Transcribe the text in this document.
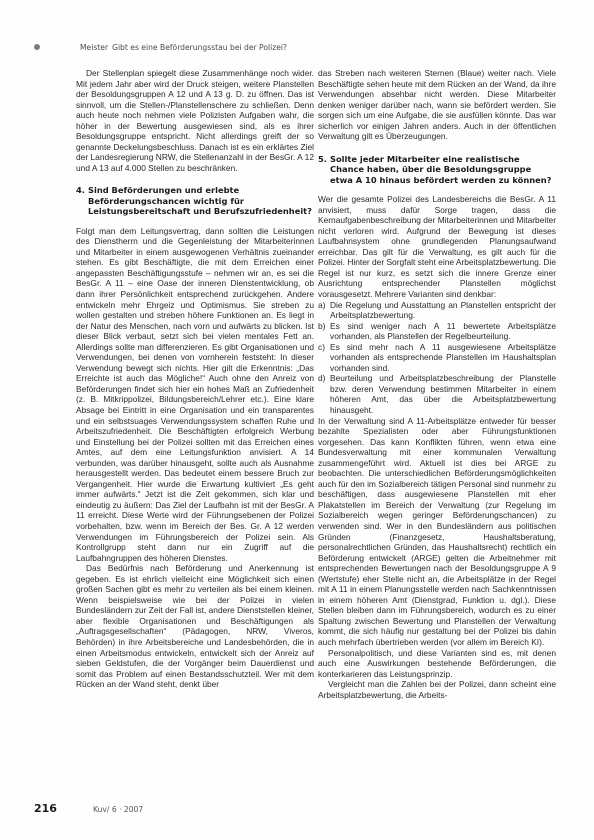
Meister Gibt es eine Beförderungsstau bei der Polizei?

Der Stellenplan spiegelt diese Zusammenhänge noch wider. Mit jedem Jahr aber wird der Druck steigen, weitere Planstellen der Besoldungsgruppen A 12 und A 13 g. D. zu öffnen. Das ist sinnvoll, um die Stellen-/Planstellenschere zu schließen. Denn auch heute noch nehmen viele Polizisten Aufgaben wahr, die höher in der Bewertung ausgewiesen sind, als es ihrer Besoldungsgruppe entspricht. Nicht allerdings greift der so genannte Deckelungsbeschluss. Danach ist es ein erklärtes Ziel der Landesregierung NRW, die Stellenanzahl in der BesGr. A 12 und A 13 auf 4.000 Stellen zu beschränken.

4. Sind Beförderungen und erlebte Beförderungschancen wichtig für Leistungsbereitschaft und Berufszufriedenheit?

Folgt man dem Leitungsvertrag, dann sollten die Leistungen des Dienstherrn und die Gegenleistung der Mitarbeiterinnen und Mitarbeiter in einem ausgewogenen Verhältnis zueinander stehen. Es gibt Beschäftigte, die mit dem Erreichen einer angepassten Beschäftigungsstufe – nehmen wir an, es sei die BesGr. A 11 – eine Oase der inneren Dienstentwicklung, ob dann ihrer Persönlichkeit entsprechend zurückgehen. Andere entwickeln mehr Ehrgeiz und Optimismus. Sie streben zu wollen gestalten und streben höhere Funktionen an. Es liegt in der Natur des Menschen, nach vorn und aufwärts zu blicken. Ist dieser Blick verbaut, setzt sich bei vielen mentales Fett an. Allerdings sollte man differenzieren. Es gibt Organisationen und Verwendungen, bei denen von vornherein feststeht: In dieser Verwendung bewegt sich nichts. Hier gilt die Erkenntnis: „Das Erreichte ist auch das Mögliche!“ Auch ohne den Anreiz von Beförderungen findet sich hier ein hohes Maß an Zufriedenheit (z. B. Mitkrippolizei, Bildungsbereich/Lehrer etc.). Eine klare Absage bei Eintritt in eine Organisation und ein transparentes und ein selbstsuages Verwendungssystem schaffen Ruhe und Arbeitszufriedenheit. Die Beschäftigten erfolgreich Werbung und Einstellung bei der Polizei sollten mit das Erreichen eines Amtes, auf dem eine Leitungsfunktion anvisiert. A 14 verbunden, was darüber hinausgeht, sollte auch als Ausnahme herausgestellt werden. Das bedeutet einem bessere Bruch zur Vergangenheit. Hier wurde die Erwartung kultiviert „Es geht immer aufwärts.“ Jetzt ist die Zeit gekommen, sich klar und eindeutig zu äußern: Das Ziel der Laufbahn ist mit der BesGr. A 11 erreicht. Diese Werte wird der Führungsebenen der Polizei vorbehalten, bzw. wenn im Bereich der Bes. Gr. A 12 werden Verwendungen im Führungsbereich der Polizei sein. Als Kontrollgrupp steht dann nur ein Zugriff auf die Laufbahngruppen des höheren Dienstes.

Das Bedürfnis nach Beförderung und Anerkennung ist gegeben. Es ist ehrlich vielleicht eine Möglichkeit sich einen großen Sachen gibt es mehr zu verteilen als bei einem kleinen. Wenn beispielsweise wie bei der Polizei in vielen Bundesländern zur Zeit der Fall ist, andere Dienststellen kleiner, aber flexible Organisationen und Beschäftigungen als „Auftragsgesellschaften“ (Pädagogen, NRW, Viveros, Behörden) in ihre Arbeitsbereiche und Landesbehörden, die in einen Arbeitsmodus entwickeln, entwickelt sich der Anreiz auf sieben Geldstufen, die der Vorgänger beim Dauerdienst und somit das Problem auf einen Bestandsschutzteil. Wer mit dem Rücken an der Wand steht, denkt über

das Streben nach weiteren Sternen (Blaue) weiter nach. Viele Beschäftigte sehen heute mit dem Rücken an der Wand, da ihre Verwendungen absehbar nicht werden. Diese Mitarbeiter denken weniger darüber nach, wann sie befördert werden. Sie sorgen sich um eine Aufgabe, die sie ausfüllen könnte. Das war sicherlich vor einigen Jahren anders. Auch in der öffentlichen Verwaltung gilt es Überzeugungen.

5. Sollte jeder Mitarbeiter eine realistische Chance haben, über die Besoldungsgruppe etwa A 10 hinaus befördert werden zu können?

Wer die gesamte Polizei des Landesbereichs die BesGr. A 11 anvisiert, muss dafür Sorge tragen, dass die Kernaufgabenbeschreibung der Mitarbeiterinnen und Mitarbeiter nicht verloren wird. Aufgrund der Bewegung ist dieses Laufbahnsystem ohne grundlegenden Planungsaufwand erreichbar. Das gilt für die Verwaltung, es gilt auch für die Polizei. Hinter der Sorgfalt steht eine Arbeitsplatzbewertung. Die Regel ist nur kurz, es setzt sich die innere Grenze einer Ausrichtung entsprechender Planstellen möglichst vorausgesetzt. Mehrere Varianten sind denkbar:

a) Die Regelung und Ausstattung an Planstellen entspricht der Arbeitsplatzbewertung.
b) Es sind weniger nach A 11 bewertete Arbeitsplätze vorhanden, als Planstellen der Regelbeurteilung.
c) Es sind mehr nach A 11 ausgewiesene Arbeitsplätze vorhanden als entsprechende Planstellen im Haushaltsplan vorhanden sind.
d) Beurteilung und Arbeitsplatzbeschreibung der Planstelle bzw. deren Verwendung bestimmen Mitarbeiter in einem höheren Amt, das über die Arbeitsplatzbewertung hinausgeht.

In der Verwaltung sind A 11-Arbeitsplätze entweder für besser bezahlte Spezialisten oder aber Führungsfunktionen vorgesehen. Das kann Konflikten führen, wenn etwa eine Bundesverwaltung mit einer kommunalen Verwaltung zusammengeführt wird. Aktuell ist dies bei ARGE zu beobachten. Die unterschiedlichen Beförderungsmöglichkeiten auch für den im Sozialbereich tätigen Personal sind nunmehr zu beschäftigen, dass ausgewiesene Planstellen mit eher Plakatstellen im Bereich der Verwaltung (zur Regelung im Sozialbereich wegen geringer Beförderungschancen) zu verwenden sind. Wer in den Bundesländern aus politischen Gründen (Finanzgesetz, Haushaltsberatung, personalrechtlichen Gründen, das Haushaltsrecht) rechtlich ein Beförderung entwickelt (ARGE) gelten die Arbeitnehmer mit entsprechenden Bewertungen nach der Besoldungsgruppe A 9 (Wertstufe) eher Stelle nicht an, die Arbeitsplätze in der Regel mit A 11 in einem Planungsstelle werden nach Sachkenntnissen in einem höheren Amt (Dienstgrad, Funktion u. dgl.). Diese Stellen bleiben dann im Führungsbereich, wodurch es zu einer Spaltung zwischen Bewertung und Planstellen der Verwaltung kommt, die sich häufig nur gestaltung bei der Polizei bis dahin auch mehrfach übertrieben werden (vor allem im Bereich KI).

Personalpolitisch, und diese Varianten sind es, mit denen auch eine Auswirkungen bestehende Beförderungen, die konterkarieren das Leistungsprinzip.

Vergleicht man die Zahlen bei der Polizei, dann scheint eine Arbeitsplatzbewertung, die Arbeits-

216	Kuv/ 6 · 2007
